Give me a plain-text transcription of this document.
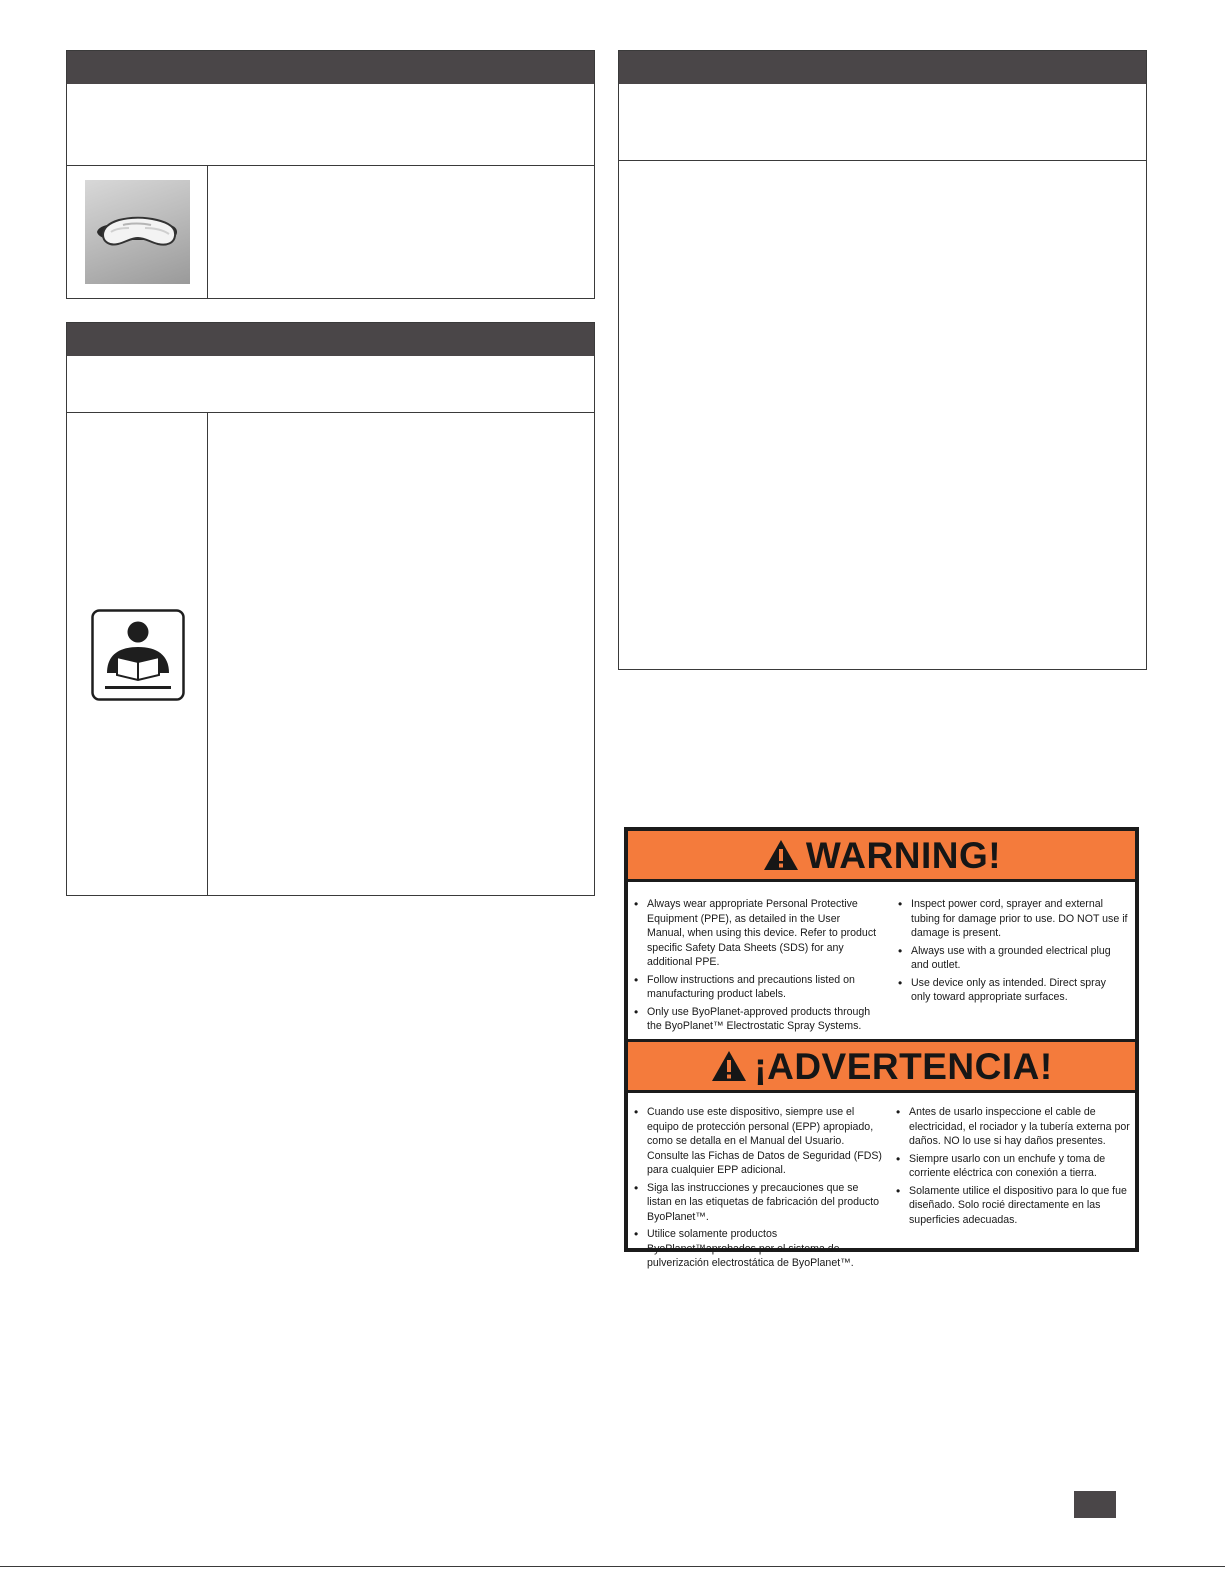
WARNING!
• Always wear appropriate Personal Protective Equipment (PPE), as detailed in the User Manual, when using this device. Refer to product specific Safety Data Sheets (SDS) for any additional PPE.
• Follow instructions and precautions listed on manufacturing product labels.
• Only use ByoPlanet-approved products through the ByoPlanet™ Electrostatic Spray Systems.
• Inspect power cord, sprayer and external tubing for damage prior to use. DO NOT use if damage is present.
• Always use with a grounded electrical plug and outlet.
• Use device only as intended. Direct spray only toward appropriate surfaces.
¡ADVERTENCIA!
• Cuando use este dispositivo, siempre use el equipo de protección personal (EPP) apropiado, como se detalla en el Manual del Usuario. Consulte las Fichas de Datos de Seguridad (FDS) para cualquier EPP adicional.
• Siga las instrucciones y precauciones que se listan en las etiquetas de fabricación del producto ByoPlanet™.
• Utilice solamente productos ByoPlanet™aprobados por el sistema de pulverización electrostática de ByoPlanet™.
• Antes de usarlo inspeccione el cable de electricidad, el rociador y la tubería externa por daños. NO lo use si hay daños presentes.
• Siempre usarlo con un enchufe y toma de corriente eléctrica con conexión a tierra.
• Solamente utilice el dispositivo para lo que fue diseñado. Solo rocié directamente en las superficies adecuadas.
